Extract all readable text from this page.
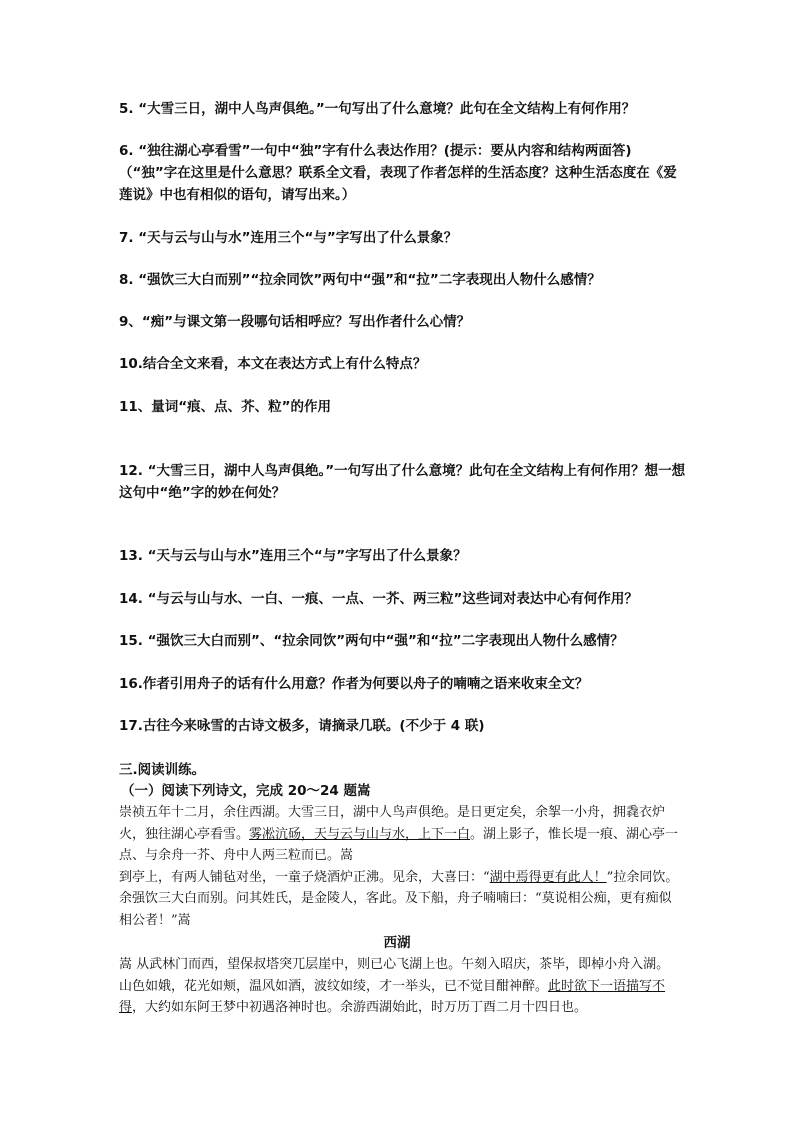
5. “大雪三日，湖中人鸟声俱绝。”一句写出了什么意境？此句在全文结构上有何作用？
6. “独往湖心亭看雪”一句中“独”字有什么表达作用？(提示：要从内容和结构两面答)（“独”字在这里是什么意思？联系全文看，表现了作者怎样的生活态度？这种生活态度在《爱莲说》中也有相似的语句，请写出来。）
7. “天与云与山与水”连用三个“与”字写出了什么景象？
8. “强饮三大白而别”“拉余同饮”两句中“强”和“拉”二字表现出人物什么感情？
9、“痴”与课文第一段哪句话相呼应？写出作者什么心情？
10.结合全文来看，本文在表达方式上有什么特点？
11、量词“痕、点、芥、粒”的作用
12. “大雪三日，湖中人鸟声俱绝。”一句写出了什么意境？此句在全文结构上有何作用？想一想这句中“绝”字的妙在何处？
13. “天与云与山与水”连用三个“与”字写出了什么景象？
14. “与云与山与水、一白、一痕、一点、一芥、两三粒”这些词对表达中心有何作用？
15. “强饮三大白而别”、“拉余同饮”两句中“强”和“拉”二字表现出人物什么感情？
16.作者引用舟子的话有什么用意？作者为何要以舟子的喃喃之语来收束全文？
17.古往今来咏雪的古诗文极多，请摘录几联。(不少于 4 联)
三.阅读训练。
（一）阅读下列诗文，完成 20～24 题嵩

崇祯五年十二月，余住西湖。大雪三日，湖中人鸟声俱绝。是日更定矣，余挐一小舟，拥毳衣炉火，独往湖心亭看雪。雾凇沆砀，天与云与山与水，上下一白。湖上影子，惟长堤一痕、湖心亭一点、与余舟一芥、舟中人两三粒而已。嵩

到亭上，有两人铺毡对坐，一童子烧酒炉正沸。见余，大喜曰：“湖中焉得更有此人！”拉余同饮。余强饮三大白而别。问其姓氏，是金陵人，客此。及下船，舟子喃喃曰：“莫说相公痴，更有痴似相公者！”嵩

西湖

嵩 从武林门而西，望保叔塔突兀层崖中，则已心飞湖上也。午刻入昭庆，茶毕，即棹小舟入湖。山色如娥，花光如颊，温风如酒，波纹如绫，才一举头，已不觉目酣神醉。此时欲下一语描写不得，大约如东阿王梦中初遇洛神时也。余游西湖始此，时万历丁酉二月十四日也。
